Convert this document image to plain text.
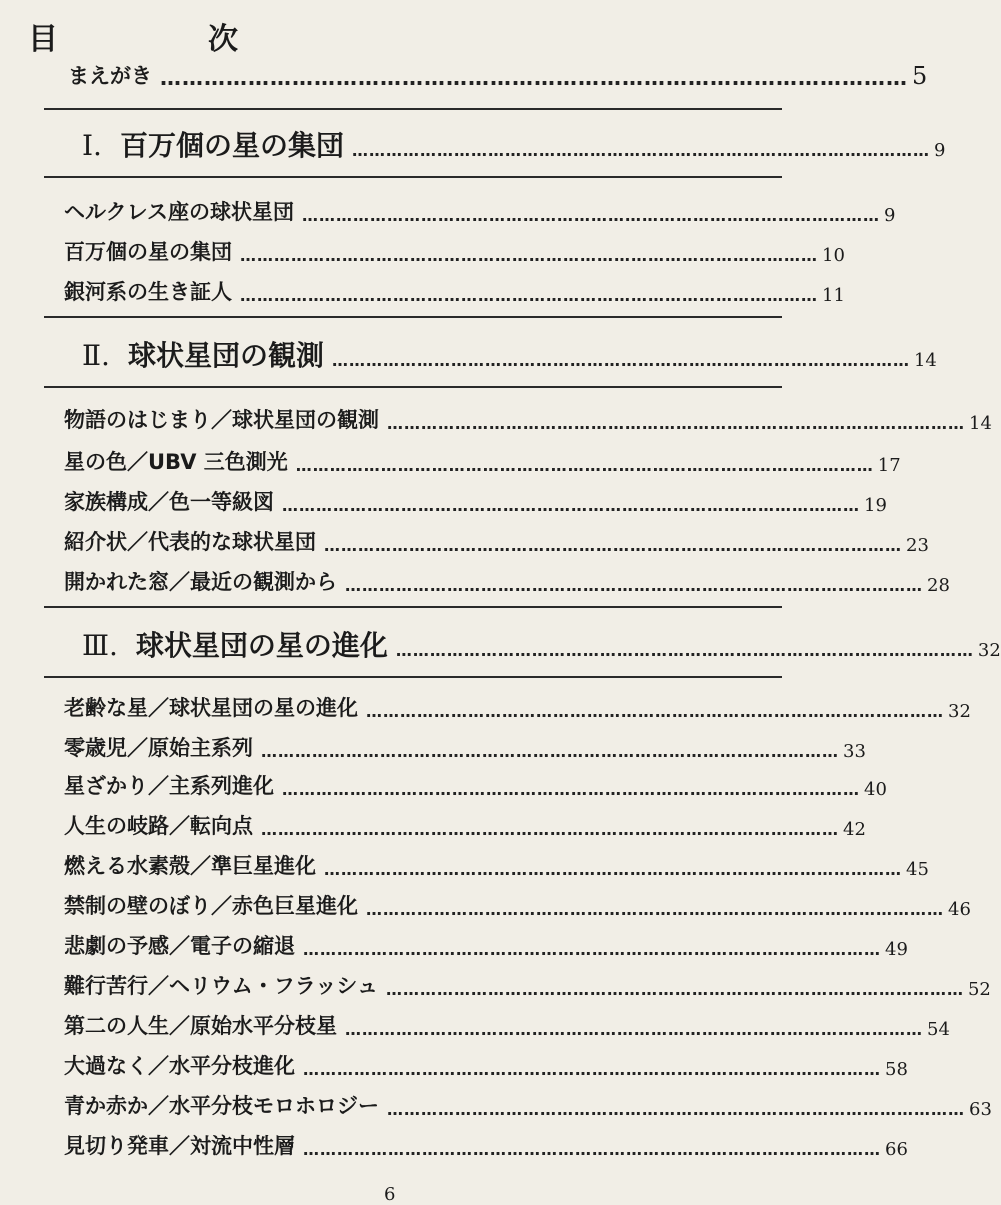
目　次
まえがき ………………………………………………………………………………………… 5
Ⅰ. 百万個の星の集団 ………………………………………………………………………………………… 9
ヘルクレス座の球状星団 ………………………………………………………………………………………… 9
百万個の星の集団 ………………………………………………………………………………………… 10
銀河系の生き証人 ………………………………………………………………………………………… 11
Ⅱ. 球状星団の観測 ………………………………………………………………………………………… 14
物語のはじまり／球状星団の観測 ………………………………………………………………………………………… 14
星の色／UBV 三色測光 ………………………………………………………………………………………… 17
家族構成／色一等級図 ………………………………………………………………………………………… 19
紹介状／代表的な球状星団 ………………………………………………………………………………………… 23
開かれた窓／最近の観測から ………………………………………………………………………………………… 28
Ⅲ. 球状星団の星の進化 ………………………………………………………………………………………… 32
老齢な星／球状星団の星の進化 ………………………………………………………………………………………… 32
零歳児／原始主系列 ………………………………………………………………………………………… 33
星ざかり／主系列進化 ………………………………………………………………………………………… 40
人生の岐路／転向点 ………………………………………………………………………………………… 42
燃える水素殻／準巨星進化 ………………………………………………………………………………………… 45
禁制の壁のぼり／赤色巨星進化 ………………………………………………………………………………………… 46
悲劇の予感／電子の縮退 ………………………………………………………………………………………… 49
難行苦行／ヘリウム・フラッシュ ………………………………………………………………………………………… 52
第二の人生／原始水平分枝星 ………………………………………………………………………………………… 54
大過なく／水平分枝進化 ………………………………………………………………………………………… 58
青か赤か／水平分枝モロホロジー ………………………………………………………………………………………… 63
見切り発車／対流中性層 ………………………………………………………………………………………… 66
6
